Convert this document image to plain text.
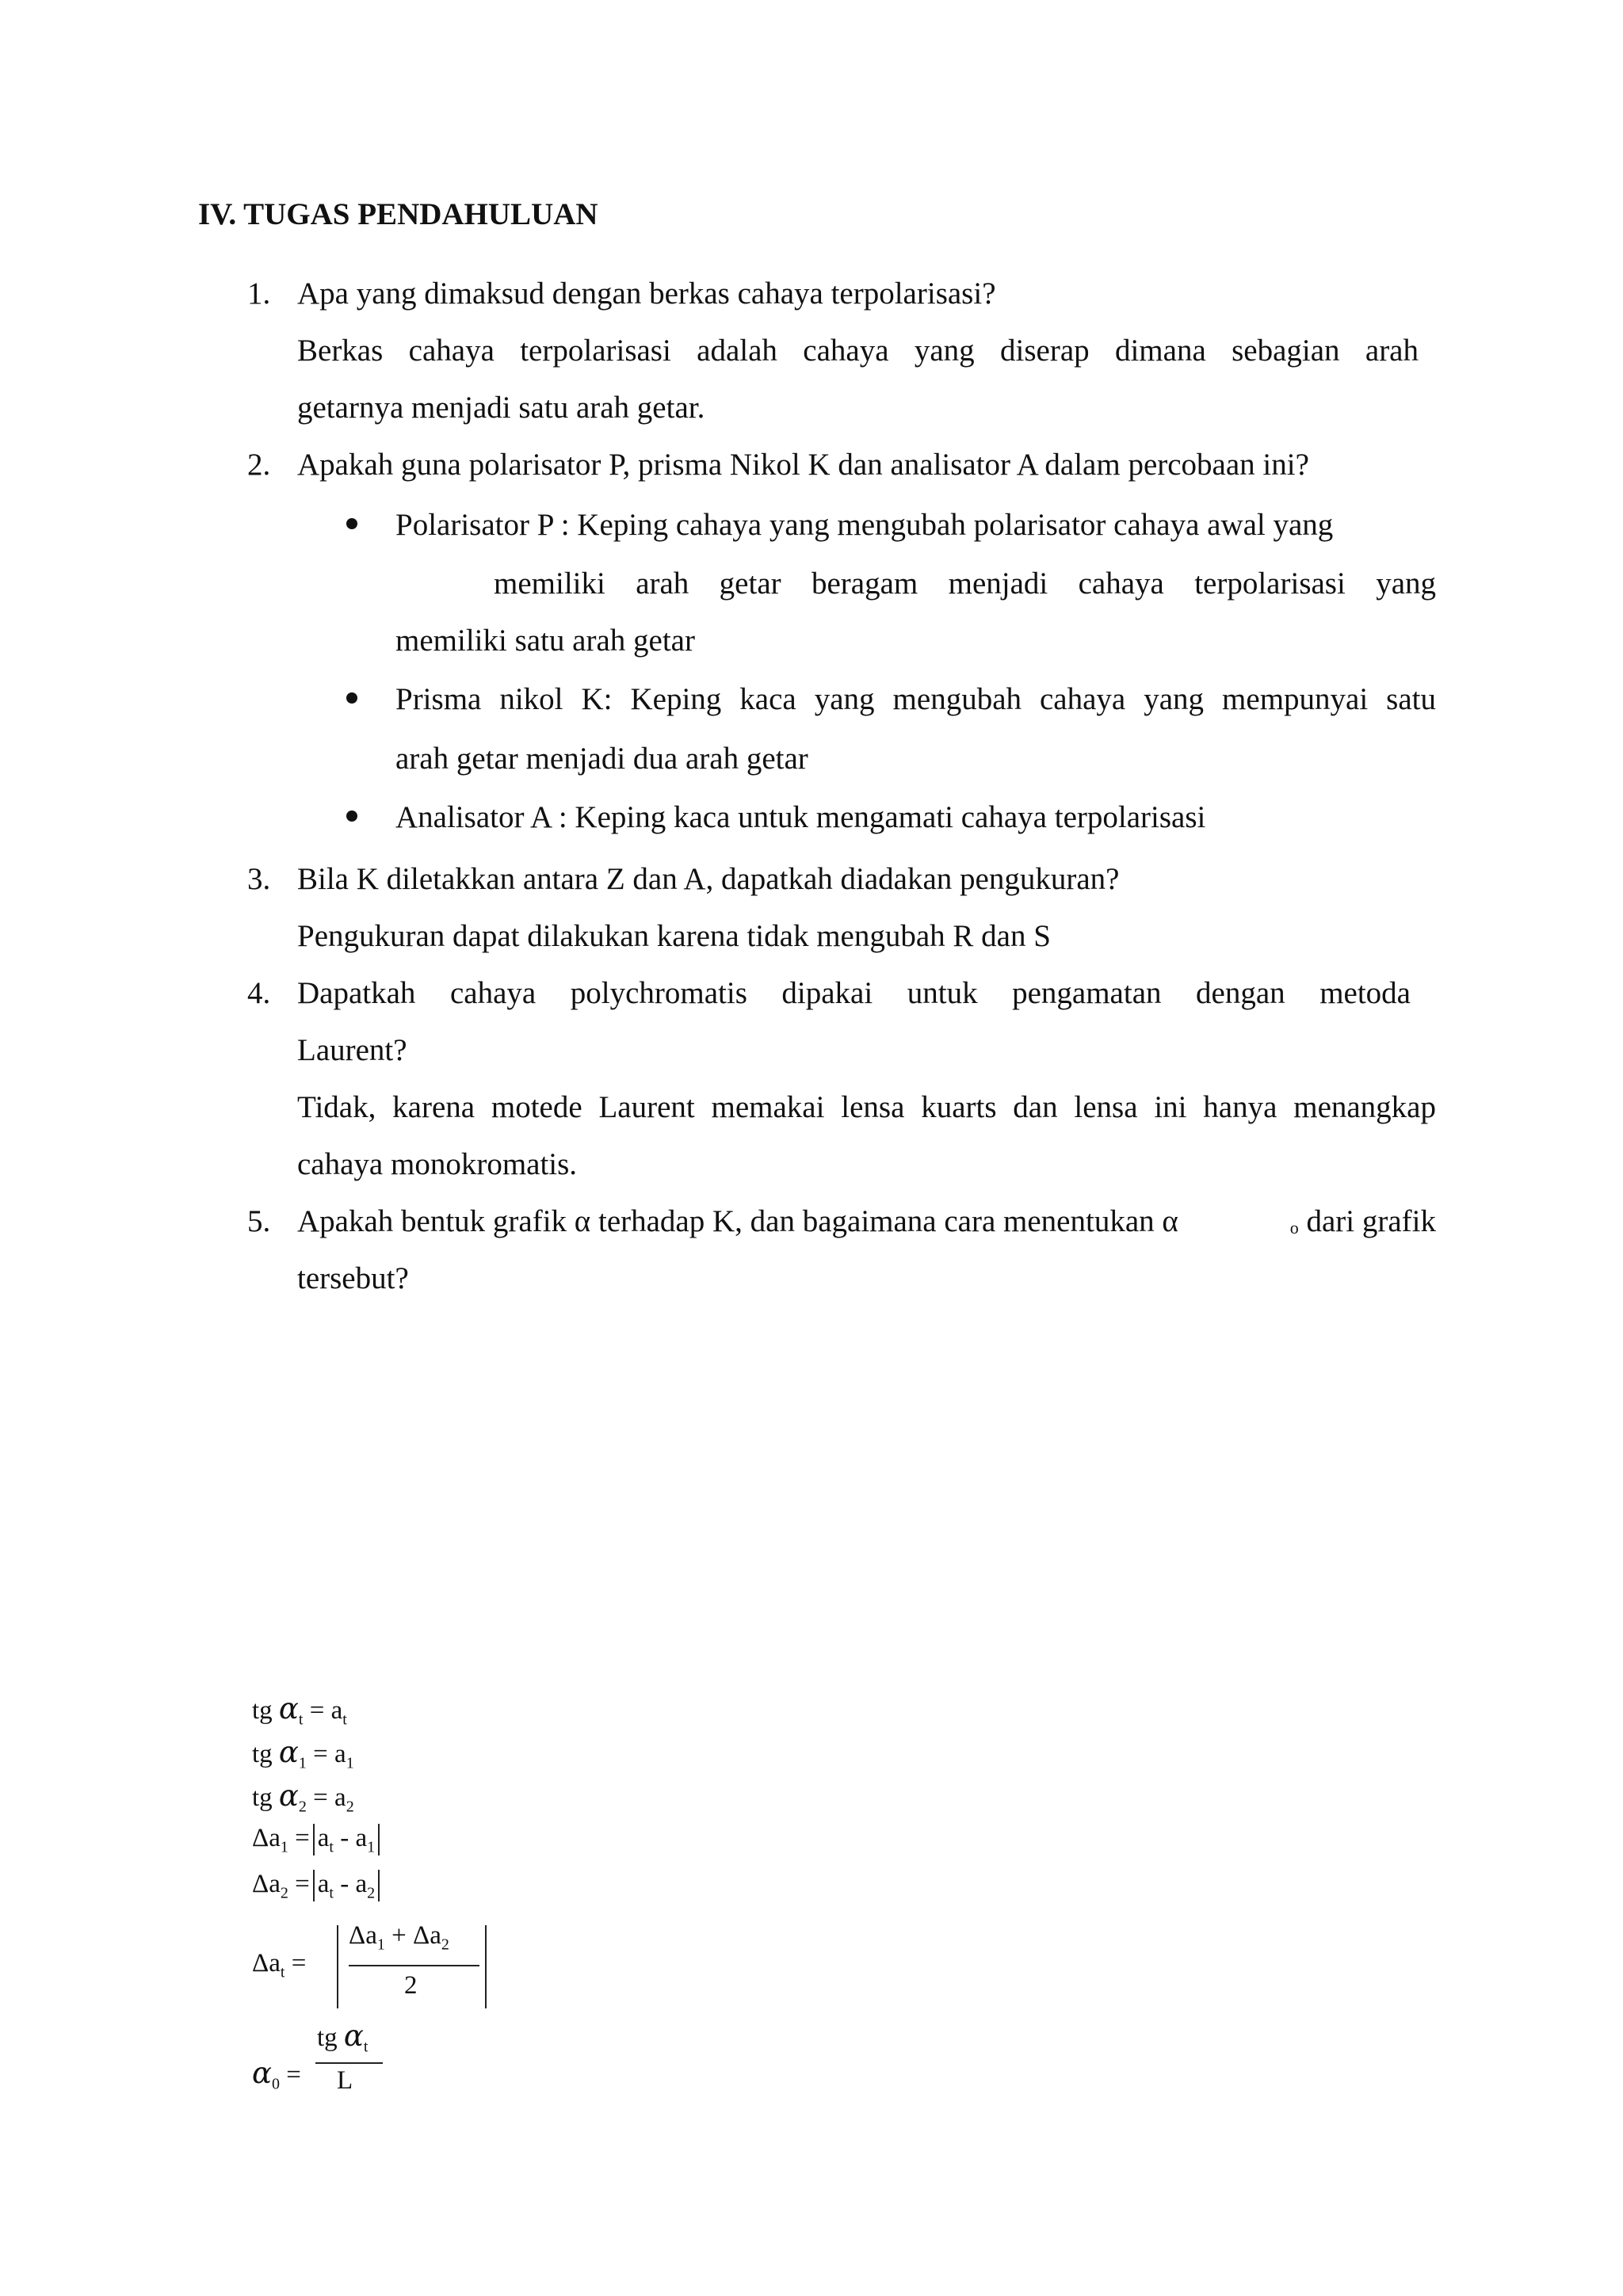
IV. TUGAS PENDAHULUAN
1. Apa yang dimaksud dengan berkas cahaya terpolarisasi?
Berkas cahaya terpolarisasi adalah cahaya yang diserap dimana sebagian arah
getarnya menjadi satu arah getar.
2. Apakah guna polarisator P, prisma Nikol K dan analisator A dalam percobaan ini?
Polarisator P : Keping cahaya yang mengubah polarisator cahaya awal yang
memiliki arah getar beragam menjadi cahaya terpolarisasi yang
memiliki satu arah getar
Prisma nikol K: Keping kaca yang mengubah cahaya yang mempunyai satu
arah getar menjadi dua arah getar
Analisator A : Keping kaca untuk mengamati cahaya terpolarisasi
3. Bila K diletakkan antara Z dan A, dapatkah diadakan pengukuran?
Pengukuran dapat dilakukan karena tidak mengubah R dan S
4. Dapatkah cahaya polychromatis dipakai untuk pengamatan dengan metoda
Laurent?
Tidak, karena motede Laurent memakai lensa kuarts dan lensa ini hanya menangkap
cahaya monokromatis.
5. Apakah bentuk grafik α terhadap K, dan bagaimana cara menentukan α	o dari grafik
tersebut?
tg $\alpha_t = a_t$
tg $\alpha_1 = a_1$
tg $\alpha_2 = a_2$
$\Delta a_1 = a_t - a_1$
$\Delta a_2 = a_t - a_2$
$\Delta a_t$ =
$\Delta a_1 + \Delta a_2$
2
$\alpha_0$ =
tg $\alpha_t$
L
